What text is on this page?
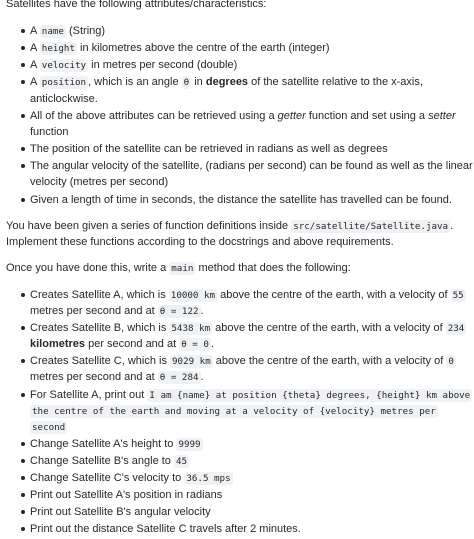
Satellites have the following attributes/characteristics:
A name (String)
A height in kilometres above the centre of the earth (integer)
A velocity in metres per second (double)
A position , which is an angle θ in degrees of the satellite relative to the x-axis,
anticlockwise.
All of the above attributes can be retrieved using a getter function and set using a setter
function
The position of the satellite can be retrieved in radians as well as degrees
The angular velocity of the satellite, (radians per second) can be found as well as the linear
velocity (metres per second)
Given a length of time in seconds, the distance the satellite has travelled can be found.
You have been given a series of function definitions inside src/satellite/Satellite.java .
Implement these functions according to the docstrings and above requirements.
Once you have done this, write a main method that does the following:
Creates Satellite A, which is 10000 km above the centre of the earth, with a velocity of 55
metres per second and at θ = 122 .
Creates Satellite B, which is 5438 km above the centre of the earth, with a velocity of 234
kilometres per second and at θ = 0 .
Creates Satellite C, which is 9029 km above the centre of the earth, with a velocity of 0
metres per second and at θ = 284 .
For Satellite A, print out I am {name} at position {theta} degrees, {height} km above
the centre of the earth and moving at a velocity of {velocity} metres per
second
Change Satellite A's height to 9999
Change Satellite B's angle to 45
Change Satellite C's velocity to 36.5 mps
Print out Satellite A's position in radians
Print out Satellite B's angular velocity
Print out the distance Satellite C travels after 2 minutes.
